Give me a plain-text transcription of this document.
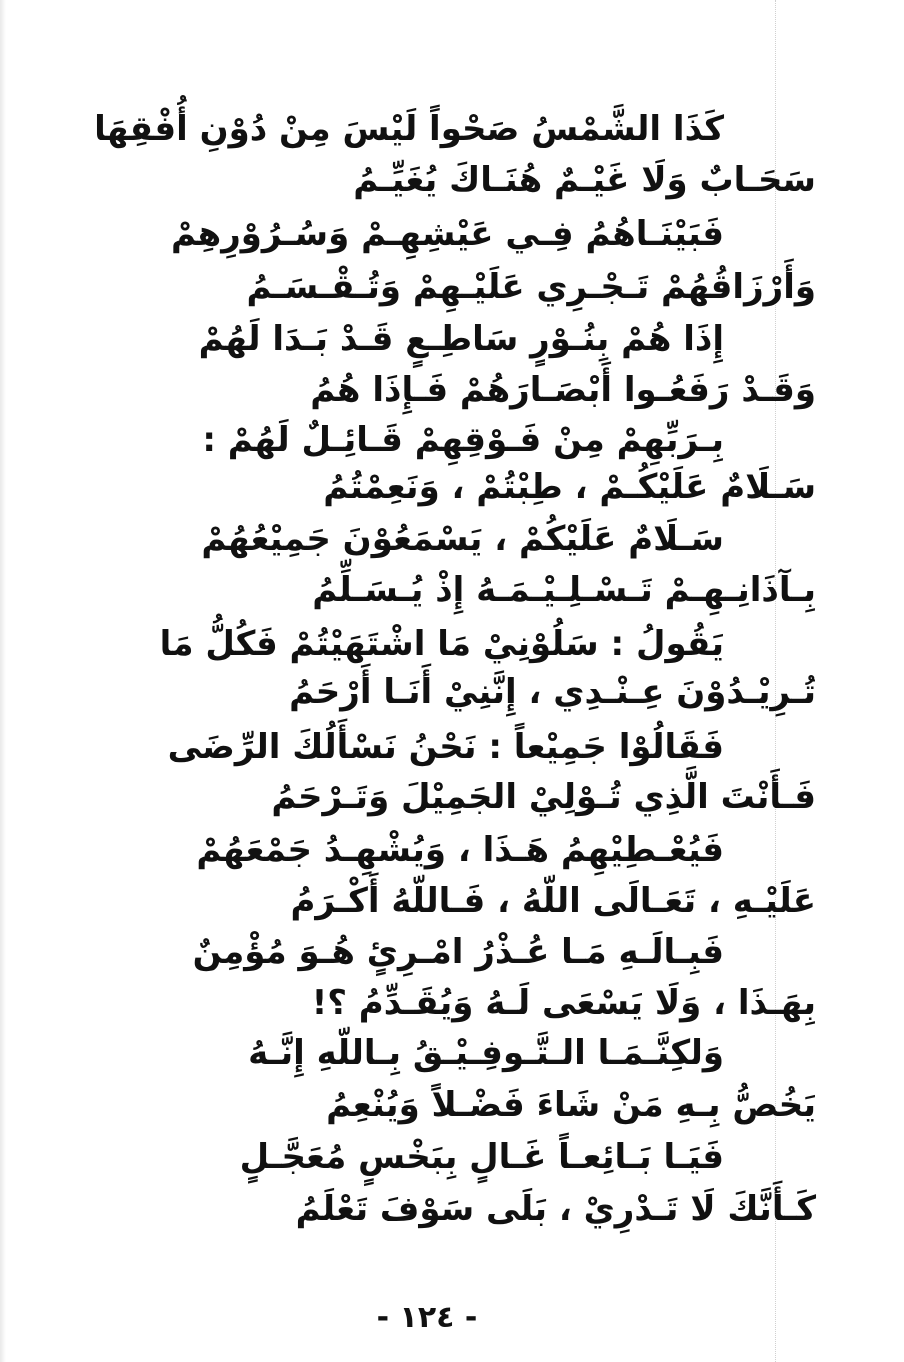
كَذَا الشَّمْسُ صَحْواً لَيْسَ مِنْ دُوْنِ أُفْقِهَا
سَحَـابٌ وَلَا غَيْـمٌ هُنَـاكَ يُغَيِّـمُ
فَبَيْنَـاهُمُ فِـي عَيْشِهِـمْ وَسُـرُوْرِهِمْ
وَأَرْزَاقُهُمْ تَـجْـرِي عَلَيْـهِمْ وَتُـقْـسَـمُ
إِذَا هُمْ بِنُـوْرٍ سَاطِـعٍ قَـدْ بَـدَا لَهُمْ
وَقَـدْ رَفَعُـوا أَبْصَـارَهُمْ فَـإِذَا هُمُ
بِـرَبِّهِمْ مِنْ فَـوْقِهِمْ قَـائِـلٌ لَهُمْ :
سَـلَامٌ عَلَيْكُـمْ ، طِبْتُمْ ، وَنَعِمْتُمُ
سَـلَامٌ عَلَيْكُمْ ، يَسْمَعُوْنَ جَمِيْعُهُمْ
بِـآذَانِـهِـمْ تَـسْـلِـيْـمَـهُ إِذْ يُـسَـلِّمُ
يَقُولُ : سَلُوْنِيْ مَا اشْتَهَيْتُمْ فَكُلُّ مَا
تُـرِيْـدُوْنَ عِـنْـدِي ، إِنَّنِيْ أَنَـا أَرْحَمُ
فَقَالُوْا جَمِيْعاً : نَحْنُ نَسْأَلُكَ الرِّضَى
فَـأَنْتَ الَّذِي تُـوْلِيْ الجَمِيْلَ وَتَـرْحَمُ
فَيُعْـطِيْهِمُ هَـذَا ، وَيُشْهِـدُ جَمْعَهُمْ
عَلَيْـهِ ، تَعَـالَى اللّهُ ، فَـاللّهُ أَكْـرَمُ
فَبِـالَـهِ مَـا عُـذْرُ امْـرِئٍ هُـوَ مُؤْمِنٌ
بِهَـذَا ، وَلَا يَسْعَى لَـهُ وَيُقَـدِّمُ ؟!
وَلكِنَّـمَـا الـتَّـوفِـيْـقُ بِـاللّهِ إِنَّـهُ
يَخُصُّ بِـهِ مَنْ شَاءَ فَضْـلاً وَيُنْعِمُ
فَيَـا بَـائِعـاً غَـالٍ بِبَخْسٍ مُعَجَّـلٍ
كَـأَنَّكَ لَا تَـدْرِيْ ، بَلَى سَوْفَ تَعْلَمُ
- ١٢٤ -
